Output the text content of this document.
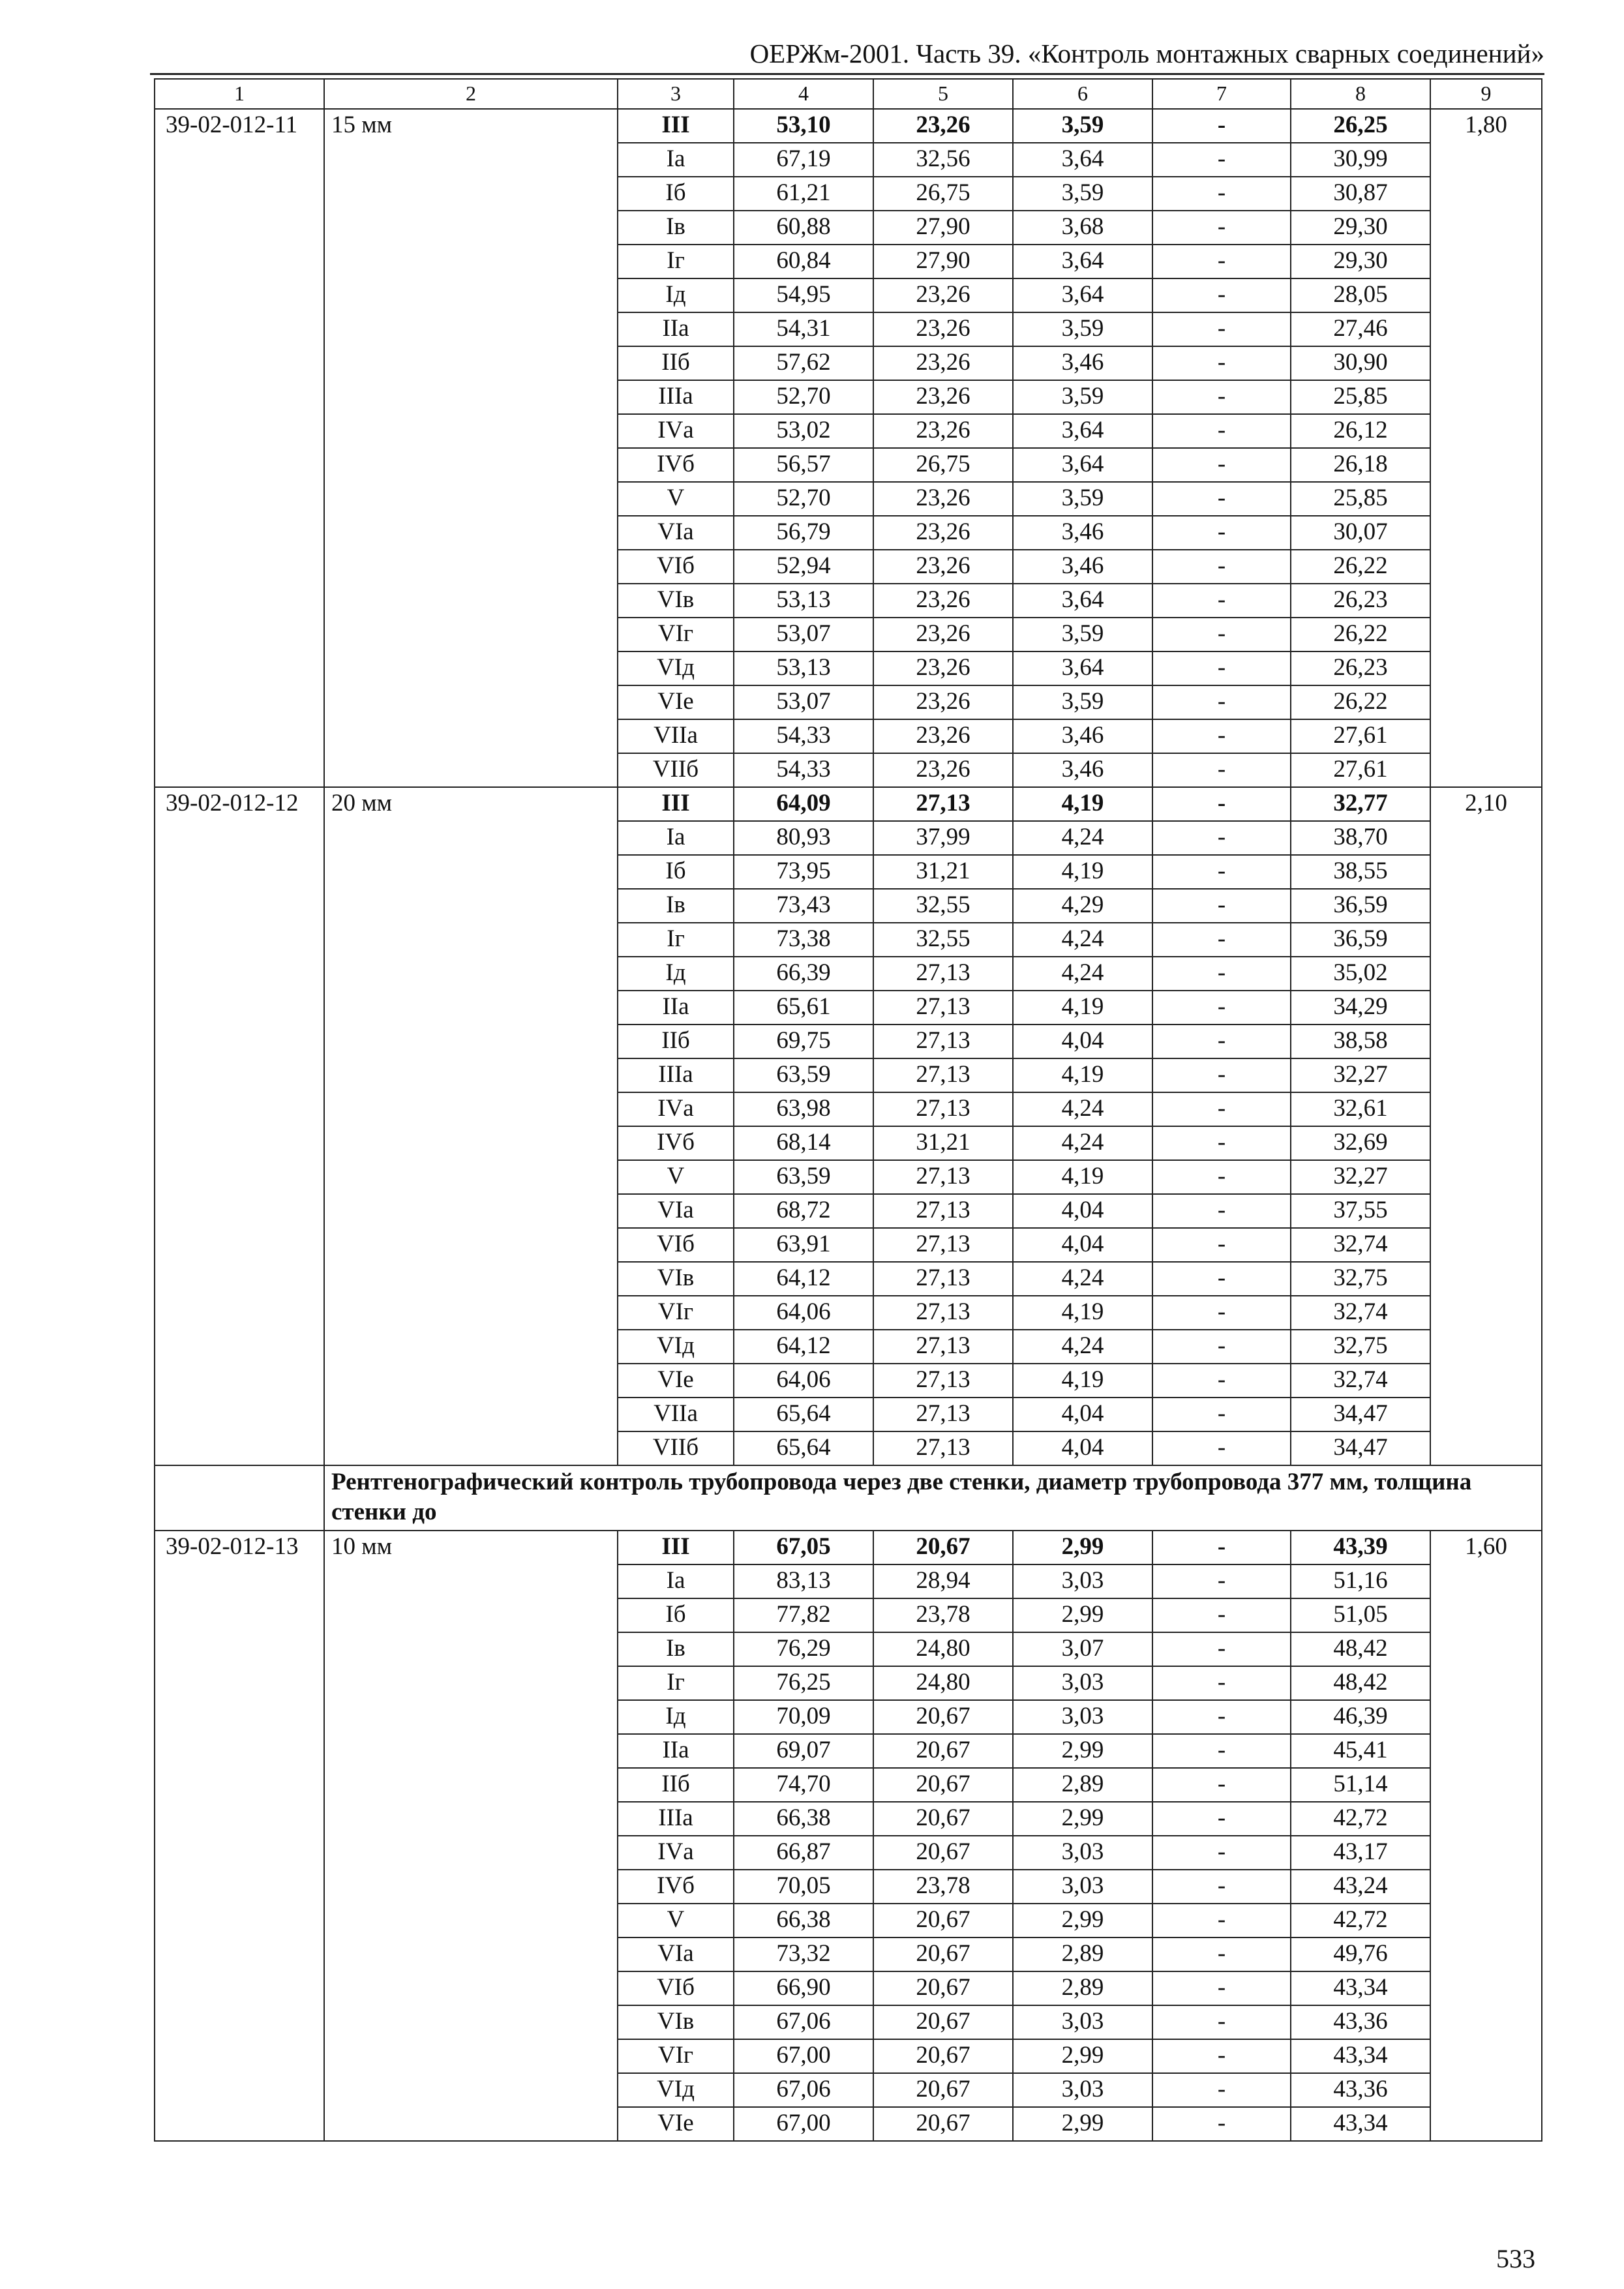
ОЕРЖм-2001. Часть 39. «Контроль монтажных сварных соединений»
1	2	3	4	5	6	7	8	9
39-02-012-11	15 мм	III	53,10	23,26	3,59	-	26,25	1,80
		Iа	67,19	32,56	3,64	-	30,99	
		Iб	61,21	26,75	3,59	-	30,87	
		Iв	60,88	27,90	3,68	-	29,30	
		Iг	60,84	27,90	3,64	-	29,30	
		Iд	54,95	23,26	3,64	-	28,05	
		IIа	54,31	23,26	3,59	-	27,46	
		IIб	57,62	23,26	3,46	-	30,90	
		IIIа	52,70	23,26	3,59	-	25,85	
		IVа	53,02	23,26	3,64	-	26,12	
		IVб	56,57	26,75	3,64	-	26,18	
		V	52,70	23,26	3,59	-	25,85	
		VIа	56,79	23,26	3,46	-	30,07	
		VIб	52,94	23,26	3,46	-	26,22	
		VIв	53,13	23,26	3,64	-	26,23	
		VIг	53,07	23,26	3,59	-	26,22	
		VIд	53,13	23,26	3,64	-	26,23	
		VIе	53,07	23,26	3,59	-	26,22	
		VIIа	54,33	23,26	3,46	-	27,61	
		VIIб	54,33	23,26	3,46	-	27,61	
39-02-012-12	20 мм	III	64,09	27,13	4,19	-	32,77	2,10
		Iа	80,93	37,99	4,24	-	38,70	
		Iб	73,95	31,21	4,19	-	38,55	
		Iв	73,43	32,55	4,29	-	36,59	
		Iг	73,38	32,55	4,24	-	36,59	
		Iд	66,39	27,13	4,24	-	35,02	
		IIа	65,61	27,13	4,19	-	34,29	
		IIб	69,75	27,13	4,04	-	38,58	
		IIIа	63,59	27,13	4,19	-	32,27	
		IVа	63,98	27,13	4,24	-	32,61	
		IVб	68,14	31,21	4,24	-	32,69	
		V	63,59	27,13	4,19	-	32,27	
		VIа	68,72	27,13	4,04	-	37,55	
		VIб	63,91	27,13	4,04	-	32,74	
		VIв	64,12	27,13	4,24	-	32,75	
		VIг	64,06	27,13	4,19	-	32,74	
		VIд	64,12	27,13	4,24	-	32,75	
		VIе	64,06	27,13	4,19	-	32,74	
		VIIа	65,64	27,13	4,04	-	34,47	
		VIIб	65,64	27,13	4,04	-	34,47	
	Рентгенографический контроль трубопровода через две стенки, диаметр трубопровода 377 мм, толщина стенки до							
39-02-012-13	10 мм	III	67,05	20,67	2,99	-	43,39	1,60
		Iа	83,13	28,94	3,03	-	51,16	
		Iб	77,82	23,78	2,99	-	51,05	
		Iв	76,29	24,80	3,07	-	48,42	
		Iг	76,25	24,80	3,03	-	48,42	
		Iд	70,09	20,67	3,03	-	46,39	
		IIа	69,07	20,67	2,99	-	45,41	
		IIб	74,70	20,67	2,89	-	51,14	
		IIIа	66,38	20,67	2,99	-	42,72	
		IVа	66,87	20,67	3,03	-	43,17	
		IVб	70,05	23,78	3,03	-	43,24	
		V	66,38	20,67	2,99	-	42,72	
		VIа	73,32	20,67	2,89	-	49,76	
		VIб	66,90	20,67	2,89	-	43,34	
		VIв	67,06	20,67	3,03	-	43,36	
		VIг	67,00	20,67	2,99	-	43,34	
		VIд	67,06	20,67	3,03	-	43,36	
		VIе	67,00	20,67	2,99	-	43,34	
533
